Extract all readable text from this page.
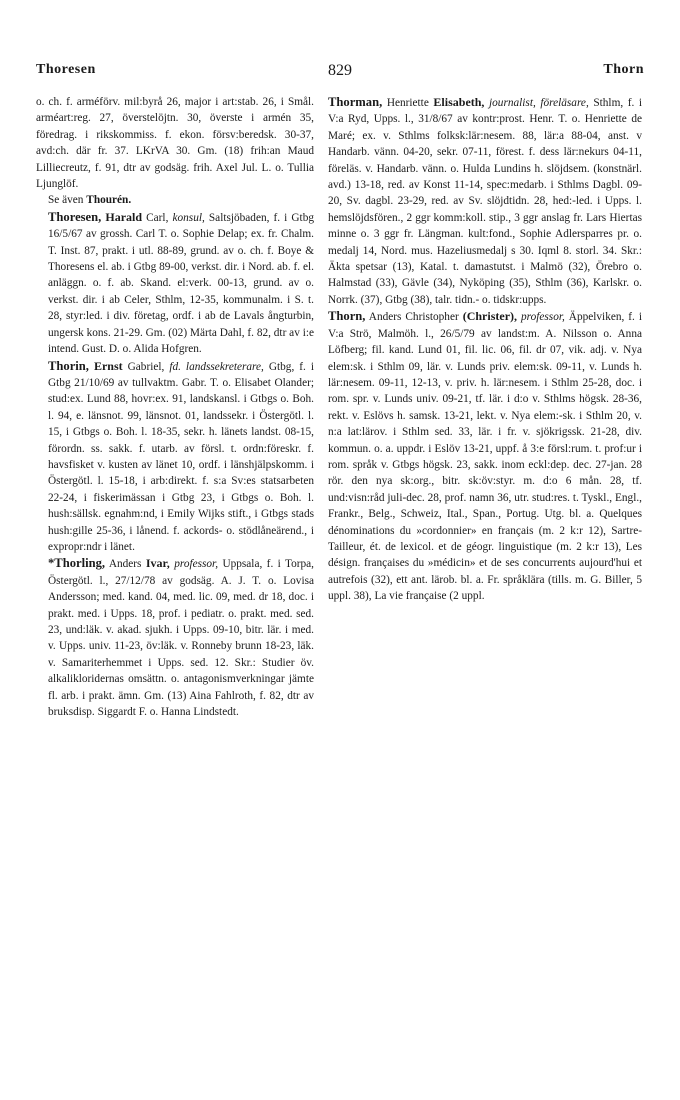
Thoresen	829	Thorn

o. ch. f. arméförv. mil:byrå 26, major i art:stab. 26, i Smål. arméart:reg. 27, överstelöjtn. 30, överste i armén 35, föredrag. i rikskommiss. f. ekon. försv:beredsk. 30-37, avd:ch. där fr. 37. LKrVA 30. Gm. (18) frih:an Maud Lilliecreutz, f. 91, dtr av godsäg. frih. Axel Jul. L. o. Tullia Ljunglöf.

Se även Thourén.

Thoresen, Harald Carl, konsul, Saltsjöbaden, f. i Gtbg 16/5/67 av grossh. Carl T. o. Sophie Delap; ex. fr. Chalm. T. Inst. 87, prakt. i utl. 88-89, grund. av o. ch. f. Boye & Thoresens el. ab. i Gtbg 89-00, verkst. dir. i Nord. ab. f. el. anläggn. o. f. ab. Skand. el:verk. 00-13, grund. av o. verkst. dir. i ab Celer, Sthlm, 12-35, kommunalm. i S. t. 28, styr:led. i div. företag, ordf. i ab de Lavals ångturbin, ungersk kons. 21-29. Gm. (02) Märta Dahl, f. 82, dtr av i:e intend. Gust. D. o. Alida Hofgren.

Thorin, Ernst Gabriel, fd. landssekreterare, Gtbg, f. i Gtbg 21/10/69 av tullvaktm. Gabr. T. o. Elisabet Olander; stud:ex. Lund 88, hovr:ex. 91, landskansl. i Gtbgs o. Boh. l. 94, e. länsnot. 99, länsnot. 01, landssekr. i Östergötl. l. 15, i Gtbgs o. Boh. l. 18-35, sekr. h. länets landst. 08-15, förordn. ss. sakk. f. utarb. av försl. t. ordn:föreskr. f. havsfisket v. kusten av länet 10, ordf. i länshjälpskomm. i Östergötl. l. 15-18, i arb:direkt. f. s:a Sv:es statsarbeten 22-24, i fiskerimässan i Gtbg 23, i Gtbgs o. Boh. l. hush:sällsk. egnahm:nd, i Emily Wijks stift., i Gtbgs stads hush:gille 25-36, i lånend. f. ackords- o. stödlåneärend., i expropr:ndr i länet.

*Thorling, Anders Ivar, professor, Uppsala, f. i Torpa, Östergötl. l., 27/12/78 av godsäg. A. J. T. o. Lovisa Andersson; med. kand. 04, med. lic. 09, med. dr 18, doc. i prakt. med. i Upps. 18, prof. i pediatr. o. prakt. med. sed. 23, und:läk. v. akad. sjukh. i Upps. 09-10, bitr. lär. i med. v. Upps. univ. 11-23, öv:läk. v. Ronneby brunn 18-23, läk. v. Samariterhemmet i Upps. sed. 12. Skr.: Studier öv. alkalikloridernas omsättn. o. antagonismverkningar jämte fl. arb. i prakt. ämn. Gm. (13) Aina Fahlroth, f. 82, dtr av bruksdisp. Siggardt F. o. Hanna Lindstedt.

Thorman, Henriette Elisabeth, journalist, föreläsare, Sthlm, f. i V:a Ryd, Upps. l., 31/8/67 av kontr:prost. Henr. T. o. Henriette de Maré; ex. v. Sthlms folksk:lär:nesem. 88, lär:a 88-04, anst. v Handarb. vänn. 04-20, sekr. 07-11, förest. f. dess lär:nekurs 04-11, föreläs. v. Handarb. vänn. o. Hulda Lundins h. slöjdsem. (konstnärl. avd.) 13-18, red. av Konst 11-14, spec:medarb. i Sthlms Dagbl. 09-20, Sv. dagbl. 23-29, red. av Sv. slöjdtidn. 28, hed:-led. i Upps. l. hemslöjdsfören., 2 ggr komm:koll. stip., 3 ggr anslag fr. Lars Hiertas minne o. 3 ggr fr. Längman. kult:fond., Sophie Adlersparres pr. o. medalj 14, Nord. mus. Hazeliusmedalj s 30. Iqml 8. storl. 34. Skr.: Äkta spetsar (13), Katal. t. damastutst. i Malmö (32), Örebro o. Halmstad (33), Gävle (34), Nyköping (35), Sthlm (36), Karlskr. o. Norrk. (37), Gtbg (38), talr. tidn.- o. tidskr:upps.

Thorn, Anders Christopher (Christer), professor, Äppelviken, f. i V:a Strö, Malmöh. l., 26/5/79 av landst:m. A. Nilsson o. Anna Löfberg; fil. kand. Lund 01, fil. lic. 06, fil. dr 07, vik. adj. v. Nya elem:sk. i Sthlm 09, lär. v. Lunds priv. elem:sk. 09-11, v. Lunds h. lär:nesem. 09-11, 12-13, v. priv. h. lär:nesem. i Sthlm 25-28, doc. i rom. spr. v. Lunds univ. 09-21, tf. lär. i d:o v. Sthlms högsk. 28-36, rekt. v. Eslövs h. samsk. 13-21, lekt. v. Nya elem:-sk. i Sthlm 20, v. n:a lat:lärov. i Sthlm sed. 33, lär. i fr. v. sjökrigssk. 21-28, div. kommun. o. a. uppdr. i Eslöv 13-21, uppf. å 3:e försl:rum. t. prof:ur i rom. språk v. Gtbgs högsk. 23, sakk. inom eckl:dep. dec. 27-jan. 28 rör. den nya sk:org., bitr. sk:öv:styr. m. d:o 6 mån. 28, tf. und:visn:råd juli-dec. 28, prof. namn 36, utr. stud:res. t. Tyskl., Engl., Frankr., Belg., Schweiz, Ital., Span., Portug. Utg. bl. a. Quelques dénominations du »cordonnier» en français (m. 2 k:r 12), Sartre-Tailleur, ét. de lexicol. et de géogr. linguistique (m. 2 k:r 13), Les désign. françaises du »médicin» et de ses concurrents aujourd'hui et autrefois (32), ett ant. lärob. bl. a. Fr. språklära (tills. m. G. Biller, 5 uppl. 38), La vie française (2 uppl.
